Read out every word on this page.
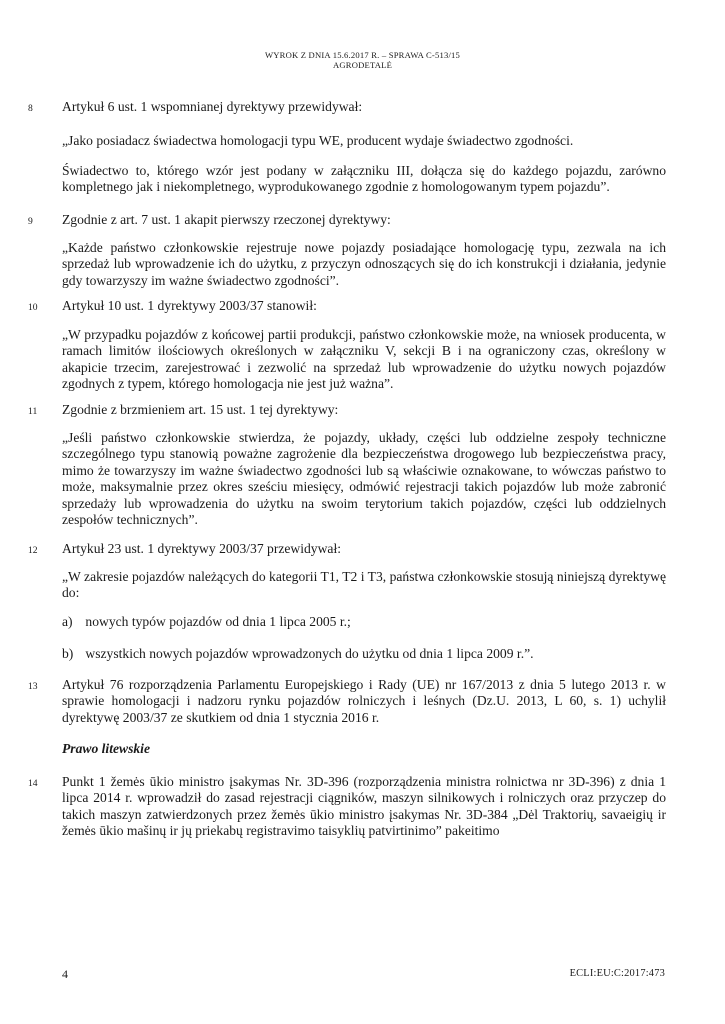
WYROK Z DNIA 15.6.2017 R. – SPRAWA C-513/15
AGRODETALĖ
8	Artykuł 6 ust. 1 wspomnianej dyrektywy przewidywał:
„Jako posiadacz świadectwa homologacji typu WE, producent wydaje świadectwo zgodności.
Świadectwo to, którego wzór jest podany w załączniku III, dołącza się do każdego pojazdu, zarówno kompletnego jak i niekompletnego, wyprodukowanego zgodnie z homologowanym typem pojazdu”.
9	Zgodnie z art. 7 ust. 1 akapit pierwszy rzeczonej dyrektywy:
„Każde państwo członkowskie rejestruje nowe pojazdy posiadające homologację typu, zezwala na ich sprzedaż lub wprowadzenie ich do użytku, z przyczyn odnoszących się do ich konstrukcji i działania, jedynie gdy towarzyszy im ważne świadectwo zgodności”.
10	Artykuł 10 ust. 1 dyrektywy 2003/37 stanowił:
„W przypadku pojazdów z końcowej partii produkcji, państwo członkowskie może, na wniosek producenta, w ramach limitów ilościowych określonych w załączniku V, sekcji B i na ograniczony czas, określony w akapicie trzecim, zarejestrować i zezwolić na sprzedaż lub wprowadzenie do użytku nowych pojazdów zgodnych z typem, którego homologacja nie jest już ważna”.
11	Zgodnie z brzmieniem art. 15 ust. 1 tej dyrektywy:
„Jeśli państwo członkowskie stwierdza, że pojazdy, układy, części lub oddzielne zespoły techniczne szczególnego typu stanowią poważne zagrożenie dla bezpieczeństwa drogowego lub bezpieczeństwa pracy, mimo że towarzyszy im ważne świadectwo zgodności lub są właściwie oznakowane, to wówczas państwo to może, maksymalnie przez okres sześciu miesięcy, odmówić rejestracji takich pojazdów lub może zabronić sprzedaży lub wprowadzenia do użytku na swoim terytorium takich pojazdów, części lub oddzielnych zespołów technicznych”.
12	Artykuł 23 ust. 1 dyrektywy 2003/37 przewidywał:
„W zakresie pojazdów należących do kategorii T1, T2 i T3, państwa członkowskie stosują niniejszą dyrektywę do:
a) nowych typów pojazdów od dnia 1 lipca 2005 r.;
b) wszystkich nowych pojazdów wprowadzonych do użytku od dnia 1 lipca 2009 r.”.
13	Artykuł 76 rozporządzenia Parlamentu Europejskiego i Rady (UE) nr 167/2013 z dnia 5 lutego 2013 r. w sprawie homologacji i nadzoru rynku pojazdów rolniczych i leśnych (Dz.U. 2013, L 60, s. 1) uchylił dyrektywę 2003/37 ze skutkiem od dnia 1 stycznia 2016 r.
Prawo litewskie
14	Punkt 1 žemės ūkio ministro įsakymas Nr. 3D-396 (rozporządzenia ministra rolnictwa nr 3D-396) z dnia 1 lipca 2014 r. wprowadził do zasad rejestracji ciągników, maszyn silnikowych i rolniczych oraz przyczep do takich maszyn zatwierdzonych przez žemės ūkio ministro įsakymas Nr. 3D-384 „Dėl Traktorių, savaeigių ir žemės ūkio mašinų ir jų priekabų registravimo taisyklių patvirtinimo” pakeitimo
4	ECLI:EU:C:2017:473
